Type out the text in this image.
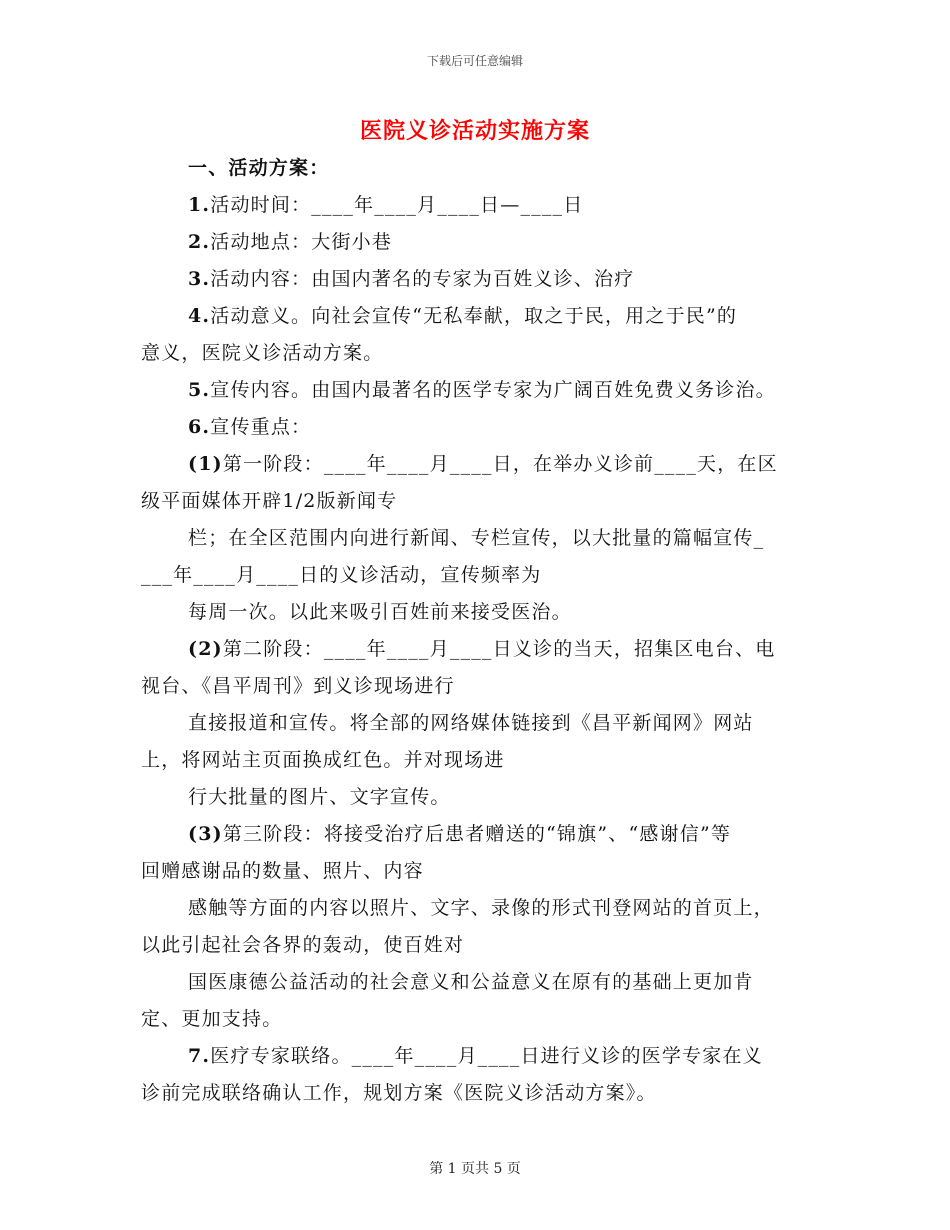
下载后可任意编辑
医院义诊活动实施方案
一、活动方案：
1.活动时间：____年____月____日—____日
2.活动地点：大街小巷
3.活动内容：由国内著名的专家为百姓义诊、治疗
4.活动意义。向社会宣传“无私奉献，取之于民，用之于民”的
意义，医院义诊活动方案。
5.宣传内容。由国内最著名的医学专家为广阔百姓免费义务诊治。
6.宣传重点：
(1)第一阶段：____年____月____日，在举办义诊前____天，在区
级平面媒体开辟1/2版新闻专
栏；在全区范围内向进行新闻、专栏宣传，以大批量的篇幅宣传_
___年____月____日的义诊活动，宣传频率为
每周一次。以此来吸引百姓前来接受医治。
(2)第二阶段：____年____月____日义诊的当天，招集区电台、电
视台、《昌平周刊》到义诊现场进行
直接报道和宣传。将全部的网络媒体链接到《昌平新闻网》网站
上，将网站主页面换成红色。并对现场进
行大批量的图片、文字宣传。
(3)第三阶段：将接受治疗后患者赠送的“锦旗”、“感谢信”等
回赠感谢品的数量、照片、内容
感触等方面的内容以照片、文字、录像的形式刊登网站的首页上，
以此引起社会各界的轰动，使百姓对
国医康德公益活动的社会意义和公益意义在原有的基础上更加肯
定、更加支持。
7.医疗专家联络。____年____月____日进行义诊的医学专家在义
诊前完成联络确认工作，规划方案《医院义诊活动方案》。
第 1 页共 5 页
